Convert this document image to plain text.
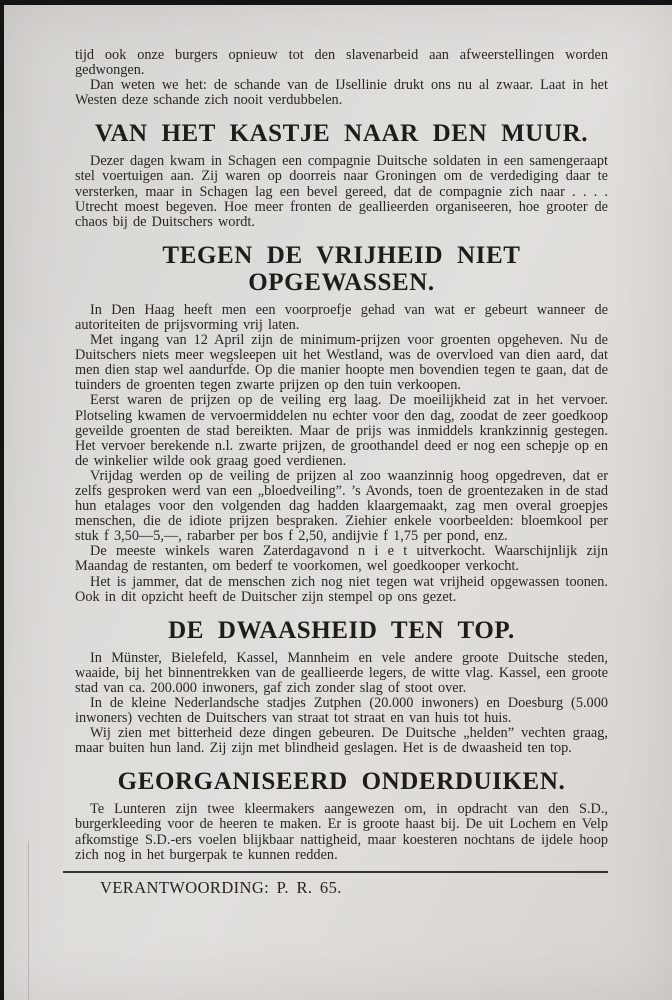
tijd ook onze burgers opnieuw tot den slavenarbeid aan afweerstellingen worden gedwongen.

Dan weten we het: de schande van de IJsellinie drukt ons nu al zwaar. Laat in het Westen deze schande zich nooit verdubbelen.

VAN HET KASTJE NAAR DEN MUUR.

Dezer dagen kwam in Schagen een compagnie Duitsche soldaten in een samengeraapt stel voertuigen aan. Zij waren op doorreis naar Groningen om de verdediging daar te versterken, maar in Schagen lag een bevel gereed, dat de compagnie zich naar . . . . Utrecht moest begeven. Hoe meer fronten de geallieerden organiseeren, hoe grooter de chaos bij de Duitschers wordt.

TEGEN DE VRIJHEID NIET OPGEWASSEN.

In Den Haag heeft men een voorproefje gehad van wat er gebeurt wanneer de autoriteiten de prijsvorming vrij laten.

Met ingang van 12 April zijn de minimum-prijzen voor groenten opgeheven. Nu de Duitschers niets meer wegsleepen uit het Westland, was de overvloed van dien aard, dat men dien stap wel aandurfde. Op die manier hoopte men bovendien tegen te gaan, dat de tuinders de groenten tegen zwarte prijzen op den tuin verkoopen.

Eerst waren de prijzen op de veiling erg laag. De moeilijkheid zat in het vervoer. Plotseling kwamen de vervoermiddelen nu echter voor den dag, zoodat de zeer goedkoop geveilde groenten de stad bereikten. Maar de prijs was inmiddels krankzinnig gestegen. Het vervoer berekende n.l. zwarte prijzen, de groothandel deed er nog een schepje op en de winkelier wilde ook graag goed verdienen.

Vrijdag werden op de veiling de prijzen al zoo waanzinnig hoog opgedreven, dat er zelfs gesproken werd van een „bloedveiling”. ’s Avonds, toen de groentezaken in de stad hun etalages voor den volgenden dag hadden klaargemaakt, zag men overal groepjes menschen, die de idiote prijzen bespraken. Ziehier enkele voorbeelden: bloemkool per stuk f 3,50—5,—, rabarber per bos f 2,50, andijvie f 1,75 per pond, enz.

De meeste winkels waren Zaterdagavond n i e t uitverkocht. Waarschijnlijk zijn Maandag de restanten, om bederf te voorkomen, wel goedkooper verkocht.

Het is jammer, dat de menschen zich nog niet tegen wat vrijheid opgewassen toonen. Ook in dit opzicht heeft de Duitscher zijn stempel op ons gezet.

DE DWAASHEID TEN TOP.

In Münster, Bielefeld, Kassel, Mannheim en vele andere groote Duitsche steden, waaide, bij het binnentrekken van de geallieerde legers, de witte vlag. Kassel, een groote stad van ca. 200.000 inwoners, gaf zich zonder slag of stoot over.

In de kleine Nederlandsche stadjes Zutphen (20.000 inwoners) en Doesburg (5.000 inwoners) vechten de Duitschers van straat tot straat en van huis tot huis.

Wij zien met bitterheid deze dingen gebeuren. De Duitsche „helden” vechten graag, maar buiten hun land. Zij zijn met blindheid geslagen. Het is de dwaasheid ten top.

GEORGANISEERD ONDERDUIKEN.

Te Lunteren zijn twee kleermakers aangewezen om, in opdracht van den S.D., burgerkleeding voor de heeren te maken. Er is groote haast bij. De uit Lochem en Velp afkomstige S.D.-ers voelen blijkbaar nattigheid, maar koesteren nochtans de ijdele hoop zich nog in het burgerpak te kunnen redden.

VERANTWOORDING: P. R. 65.
